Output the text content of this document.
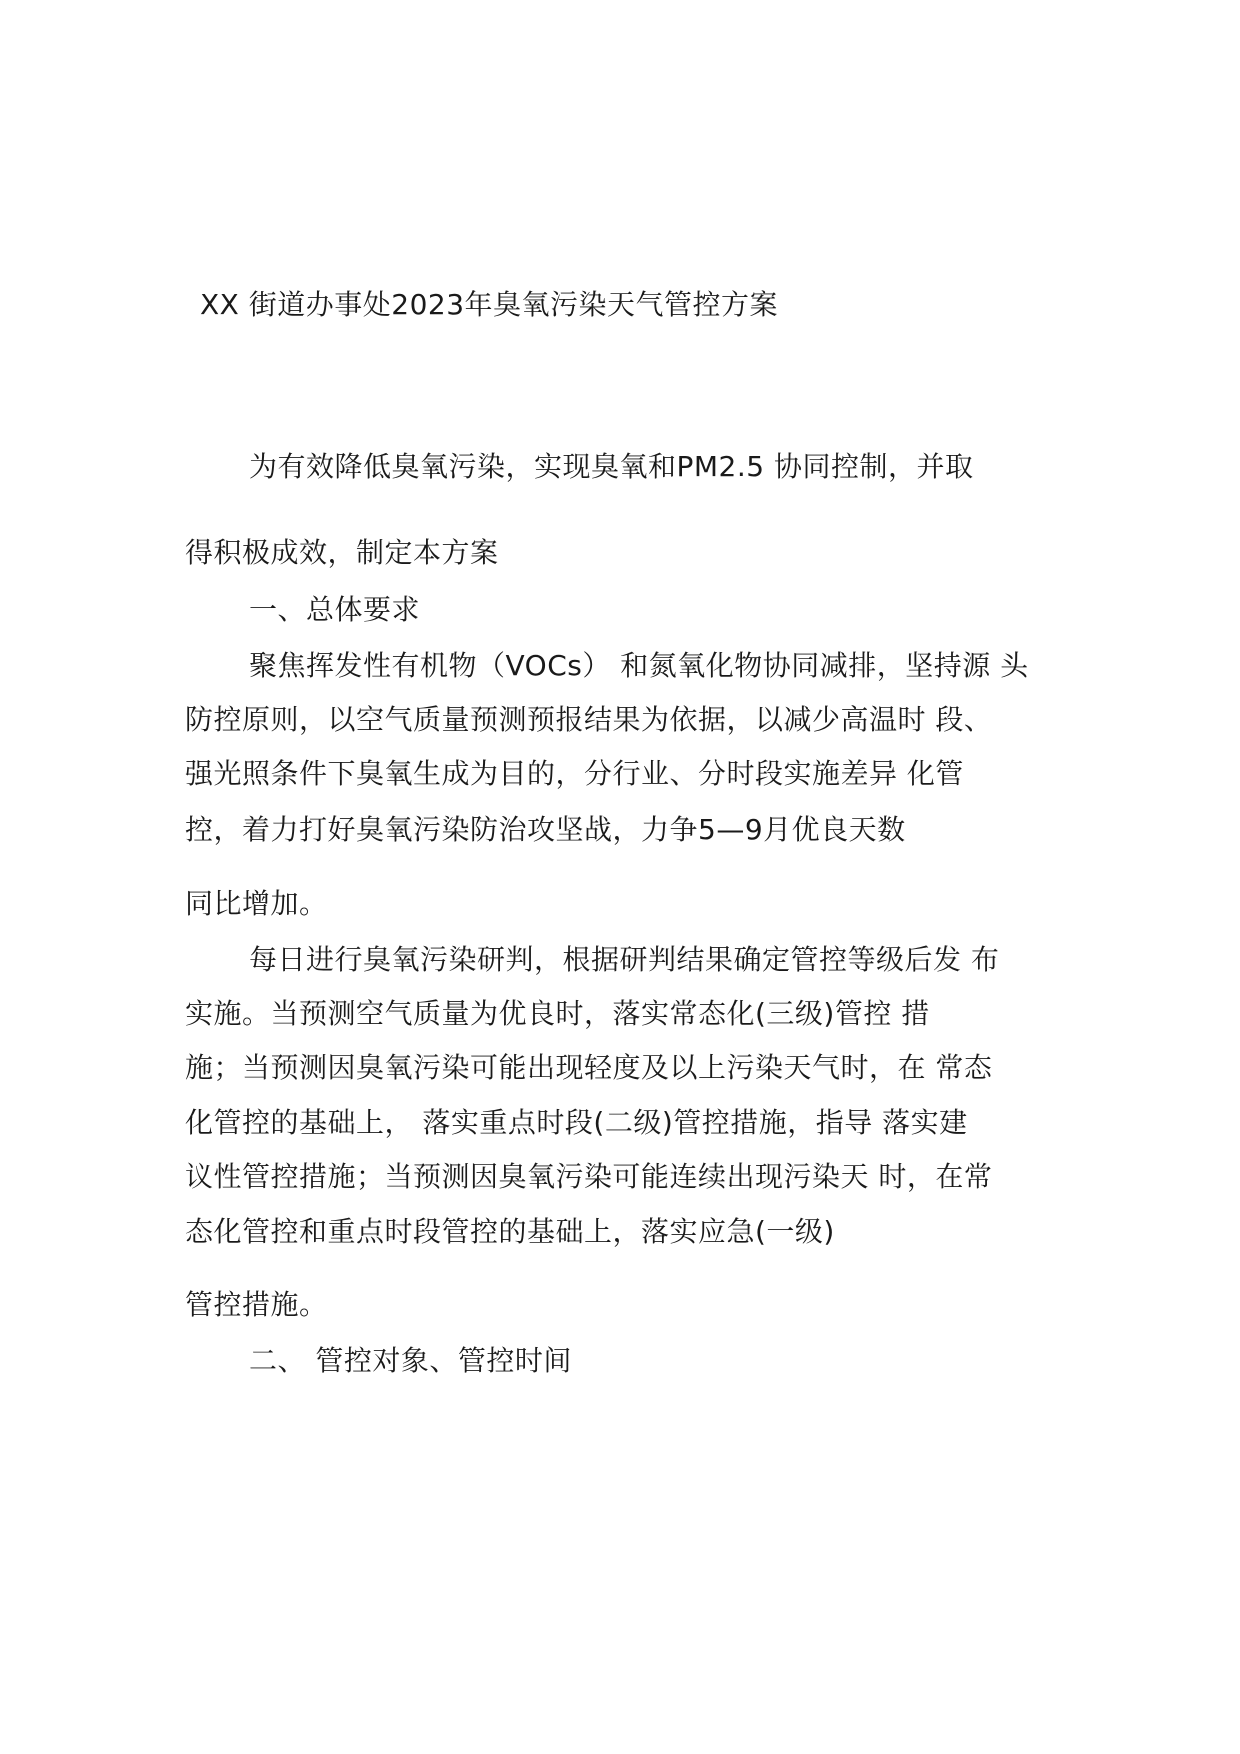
XX 街道办事处2023年臭氧污染天气管控方案

为有效降低臭氧污染，实现臭氧和PM2.5 协同控制，并取

得积极成效，制定本方案

一、总体要求

聚焦挥发性有机物（VOCs） 和氮氧化物协同减排，坚持源 头

防控原则，以空气质量预测预报结果为依据，以减少高温时 段、

强光照条件下臭氧生成为目的，分行业、分时段实施差异 化管

控，着力打好臭氧污染防治攻坚战，力争5—9月优良天数

同比增加。

每日进行臭氧污染研判，根据研判结果确定管控等级后发 布

实施。当预测空气质量为优良时，落实常态化(三级)管控 措

施；当预测因臭氧污染可能出现轻度及以上污染天气时，在 常态

化管控的基础上， 落实重点时段(二级)管控措施，指导 落实建

议性管控措施；当预测因臭氧污染可能连续出现污染天 时，在常

态化管控和重点时段管控的基础上，落实应急(一级)

管控措施。

二、 管控对象、管控时间
